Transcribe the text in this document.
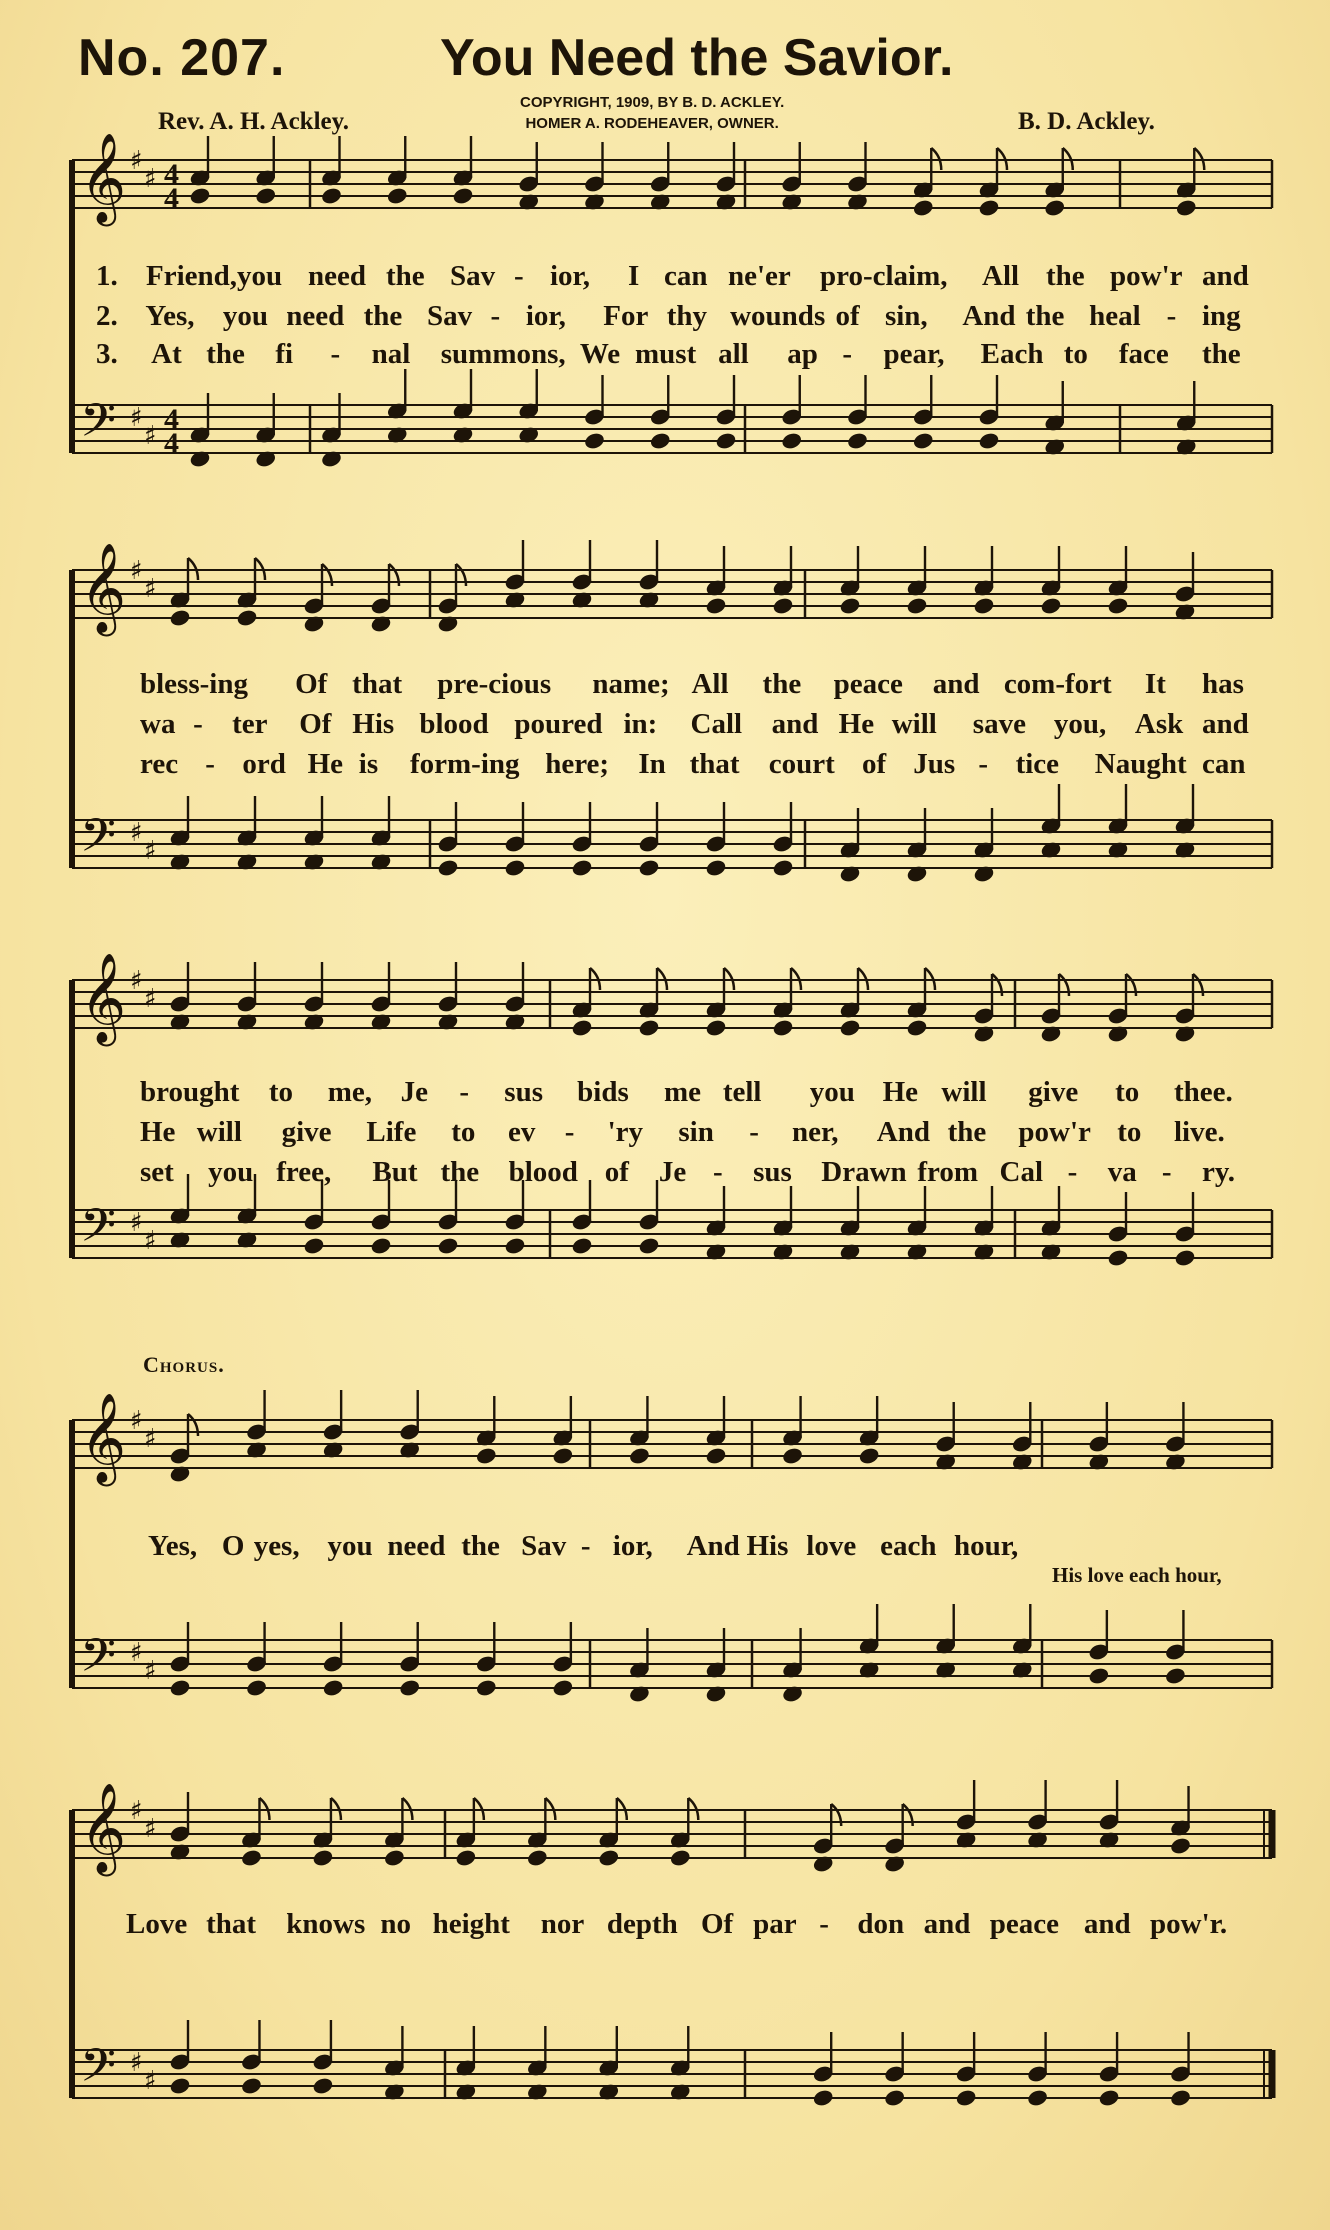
No. 207.	You Need the Savior.
Rev. A. H. Ackley.
COPYRIGHT, 1909, BY B. D. ACKLEY.
HOMER A. RODEHEAVER, OWNER.	B. D. Ackley.
Chorus.
His love each hour,
𝄞
𝄢
♯
♯
♯
♯
4
4
4
4
𝄞
𝄢
♯
♯
♯
♯
𝄞
𝄢
♯
♯
♯
♯
𝄞
𝄢
♯
♯
♯
♯
𝄞
𝄢
♯
♯
♯
♯
1. Friend,you need the Sav - ior, I can ne'er pro-claim, All the pow'r and
bless-ing Of that pre-cious name; All the peace and com-fort It has
brought to me, Je - sus bids me tell you He will give to thee.
2. Yes, you need the Sav - ior, For thy wounds of sin, And the heal - ing
wa - ter Of His blood poured in: Call and He will save you, Ask and
He will give Life to ev - 'ry sin - ner, And the pow'r to live.
3. At the fi - nal summons, We must all ap - pear, Each to face the
rec - ord He is form-ing here; In that court of Jus - tice Naught can
set you free, But the blood of Je - sus Drawn from Cal - va - ry.
Yes, O yes, you need the Sav - ior, And His love each hour,
Love that knows no height nor depth Of par - don and peace and pow'r.
